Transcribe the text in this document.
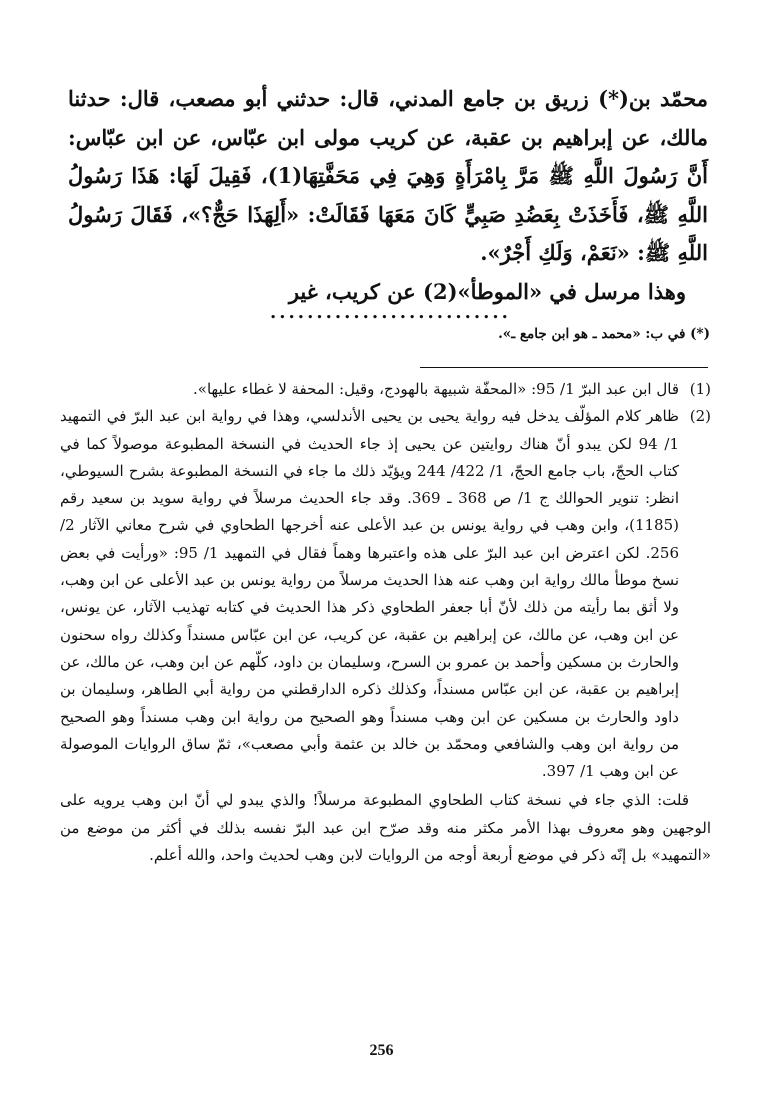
محمّد بن(*) زريق بن جامع المدني، قال: حدثني أبو مصعب، قال: حدثنا مالك، عن إبراهيم بن عقبة، عن كريب مولى ابن عبّاس، عن ابن عبّاس: أَنَّ رَسُولَ اللَّهِ ﷺ مَرَّ بِامْرَأَةٍ وَهِيَ فِي مَحَفَّتِهَا(1)، فَقِيلَ لَهَا: هَذَا رَسُولُ اللَّهِ ﷺ، فَأَخَذَتْ بِعَضُدِ صَبِيٍّ كَانَ مَعَهَا فَقَالَتْ: «أَلِهَذَا حَجٌّ؟»، فَقَالَ رَسُولُ اللَّهِ ﷺ: «نَعَمْ، وَلَكِ أَجْرٌ».

وهذا مرسل في «الموطأ»(2) عن كريب، غير

..........................
(*) في ب: «محمد ـ هو ابن جامع ـ».
(1)
قال ابن عبد البرّ 1/ 95: «المحفّة شبيهة بالهودج، وقيل: المحفة لا غطاء عليها».
(2)
ظاهر كلام المؤلّف يدخل فيه رواية يحيى بن يحيى الأندلسي، وهذا في رواية ابن عبد البرّ في التمهيد 1/ 94 لكن يبدو أنّ هناك روايتين عن يحيى إذ جاء الحديث في النسخة المطبوعة موصولاً كما في كتاب الحجّ، باب جامع الحجّ، 1/ 422/ 244 ويؤيّد ذلك ما جاء في النسخة المطبوعة بشرح السيوطي، انظر: تنوير الحوالك ج 1/ ص 368 ـ 369. وقد جاء الحديث مرسلاً في رواية سويد بن سعيد رقم (1185)، وابن وهب في رواية يونس بن عبد الأعلى عنه أخرجها الطحاوي في شرح معاني الآثار 2/ 256. لكن اعترض ابن عبد البرّ على هذه واعتبرها وهماً فقال في التمهيد 1/ 95: «ورأيت في بعض نسخ موطأ مالك رواية ابن وهب عنه هذا الحديث مرسلاً من رواية يونس بن عبد الأعلى عن ابن وهب، ولا أثق بما رأيته من ذلك لأنّ أبا جعفر الطحاوي ذكر هذا الحديث في كتابه تهذيب الآثار، عن يونس، عن ابن وهب، عن مالك، عن إبراهيم بن عقبة، عن كريب، عن ابن عبّاس مسنداً وكذلك رواه سحنون والحارث بن مسكين وأحمد بن عمرو بن السرح، وسليمان بن داود، كلّهم عن ابن وهب، عن مالك، عن إبراهيم بن عقبة، عن ابن عبّاس مسنداً، وكذلك ذكره الدارقطني من رواية أبي الطاهر، وسليمان بن داود والحارث بن مسكين عن ابن وهب مسنداً وهو الصحيح من رواية ابن وهب مسنداً وهو الصحيح من رواية ابن وهب والشافعي ومحمّد بن خالد بن عثمة وأبي مصعب»، ثمّ ساق الروايات الموصولة عن ابن وهب 1/ 397.
قلت: الذي جاء في نسخة كتاب الطحاوي المطبوعة مرسلاً! والذي يبدو لي أنّ ابن وهب يرويه على الوجهين وهو معروف بهذا الأمر مكثر منه وقد صرّح ابن عبد البرّ نفسه بذلك في أكثر من موضع من «التمهيد» بل إنّه ذكر في موضع أربعة أوجه من الروايات لابن وهب لحديث واحد، والله أعلم.
256
